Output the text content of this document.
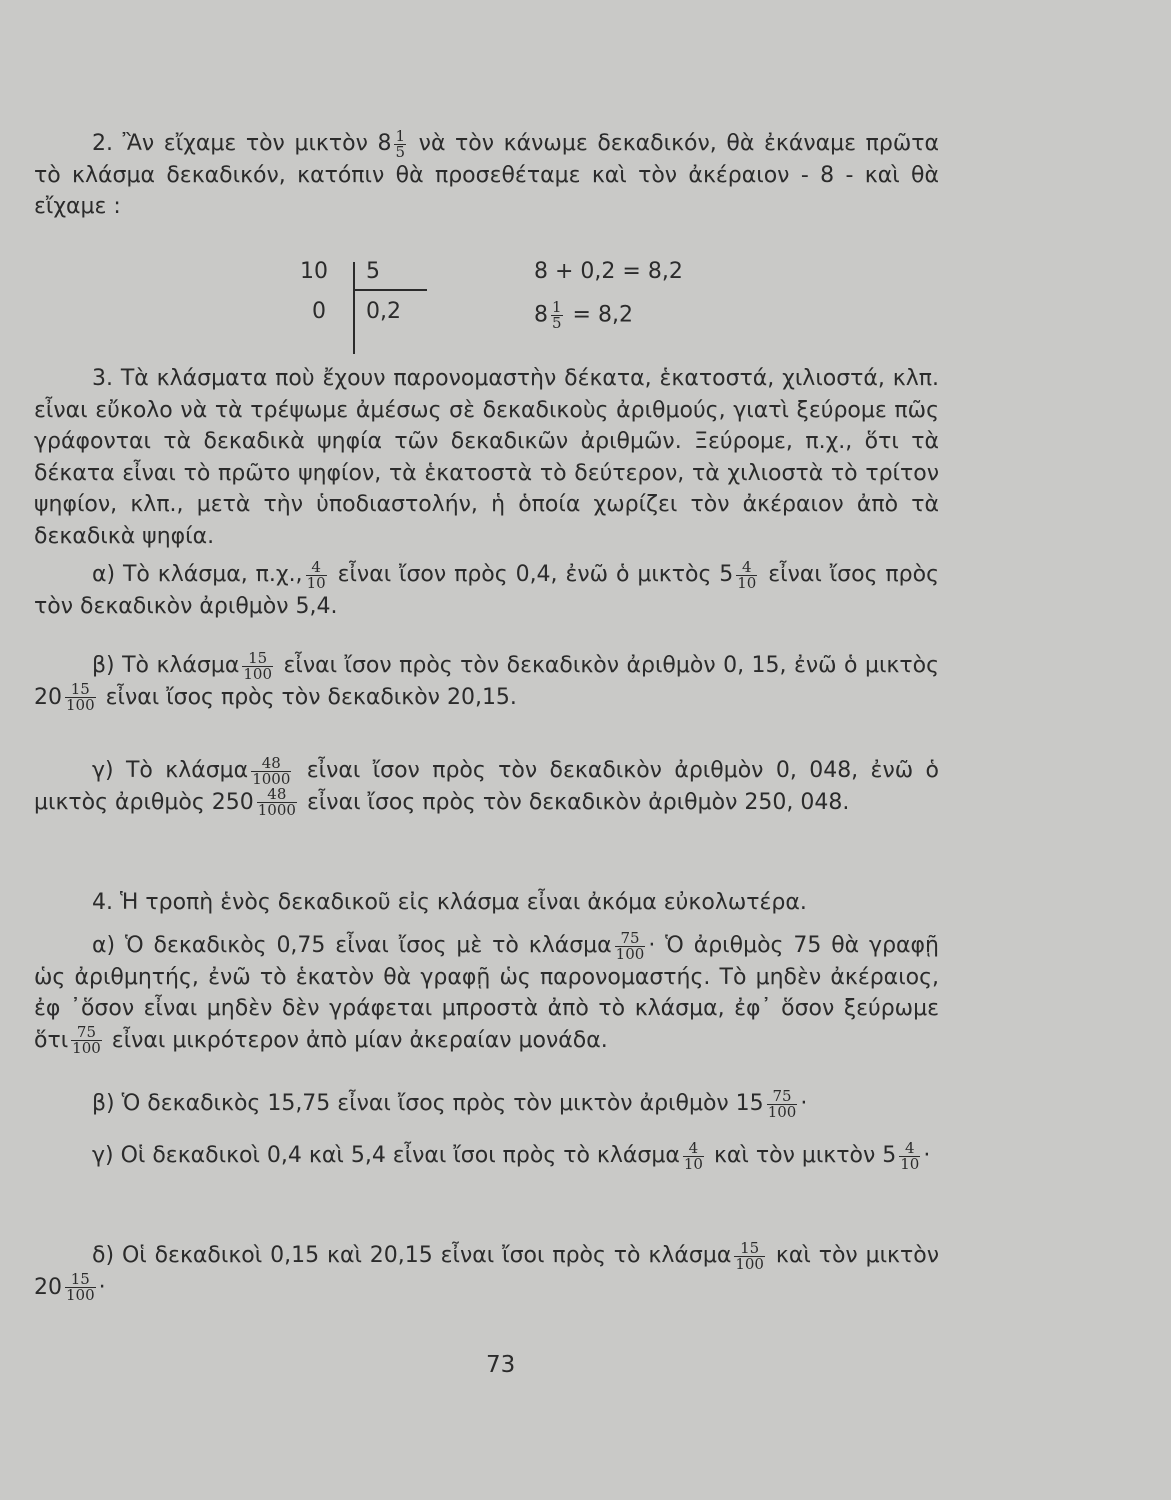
2. Ἂν εἴχαμε τὸν μικτὸν $8 \frac{1}{5}$ νὰ τὸν κάνωμε δεκαδικόν, θὰ ἐκάναμε πρῶτα τὸ κλάσμα δεκαδικόν, κατόπιν θὰ προσεθέταμε καὶ τὸν ἀκέραιον - 8 - καὶ θὰ εἴχαμε :

10 5
0 0,2
8 + 0,2 = 8,2
$8 \frac{1}{5} = 8,2$

3. Τὰ κλάσματα ποὺ ἔχουν παρονομαστὴν δέκατα, ἑκατοστά, χιλιοστά, κλπ. εἶναι εὔκολο νὰ τὰ τρέψωμε ἀμέσως σὲ δεκαδικοὺς ἀριθμούς, γιατὶ ξεύρομε πῶς γράφονται τὰ δεκαδικὰ ψηφία τῶν δεκαδικῶν ἀριθμῶν. Ξεύρομε, π.χ., ὅτι τὰ δέκατα εἶναι τὸ πρῶτο ψηφίον, τὰ ἑκατοστὰ τὸ δεύτερον, τὰ χιλιοστὰ τὸ τρίτον ψηφίον, κλπ., μετὰ τὴν ὑποδιαστολήν, ἡ ὁποία χωρίζει τὸν ἀκέραιον ἀπὸ τὰ δεκαδικὰ ψηφία.

α) Τὸ κλάσμα, π.χ., $\frac{4}{10}$ εἶναι ἴσον πρὸς 0,4, ἐνῶ ὁ μικτὸς $5 \frac{4}{10}$ εἶναι ἴσος πρὸς τὸν δεκαδικὸν ἀριθμὸν 5,4.

β) Τὸ κλάσμα $\frac{15}{100}$ εἶναι ἴσον πρὸς τὸν δεκαδικὸν ἀριθμὸν 0, 15, ἐνῶ ὁ μικτὸς $20 \frac{15}{100}$ εἶναι ἴσος πρὸς τὸν δεκαδικὸν 20,15.

γ) Τὸ κλάσμα $\frac{48}{1000}$ εἶναι ἴσον πρὸς τὸν δεκαδικὸν ἀριθμὸν 0, 048, ἐνῶ ὁ μικτὸς ἀριθμὸς $250 \frac{48}{1000}$ εἶναι ἴσος πρὸς τὸν δεκαδικὸν ἀριθμὸν 250, 048.

4. Ἡ τροπὴ ἑνὸς δεκαδικοῦ εἰς κλάσμα εἶναι ἀκόμα εὐκολωτέρα.

α) Ὁ δεκαδικὸς 0,75 εἶναι ἴσος μὲ τὸ κλάσμα $\frac{75}{100}$ · Ὁ ἀριθμὸς 75 θὰ γραφῇ ὡς ἀριθμητής, ἐνῶ τὸ ἑκατὸν θὰ γραφῇ ὡς παρονομαστής. Τὸ μηδὲν ἀκέραιος, ἐφ ᾽ὅσον εἶναι μηδὲν δὲν γράφεται μπροστὰ ἀπὸ τὸ κλάσμα, ἐφ᾽ ὅσον ξεύρωμε ὅτι $\frac{75}{100}$ εἶναι μικρότερον ἀπὸ μίαν ἀκεραίαν μονάδα.

β) Ὁ δεκαδικὸς 15,75 εἶναι ἴσος πρὸς τὸν μικτὸν ἀριθμὸν $15 \frac{75}{100}$ ·

γ) Οἱ δεκαδικοὶ 0,4 καὶ 5,4 εἶναι ἴσοι πρὸς τὸ κλάσμα $\frac{4}{10}$ καὶ τὸν μικτὸν $5 \frac{4}{10}$ ·

δ) Οἱ δεκαδικοὶ 0,15 καὶ 20,15 εἶναι ἴσοι πρὸς τὸ κλάσμα $\frac{15}{100}$ καὶ τὸν μικτὸν $20 \frac{15}{100}$ ·

73
